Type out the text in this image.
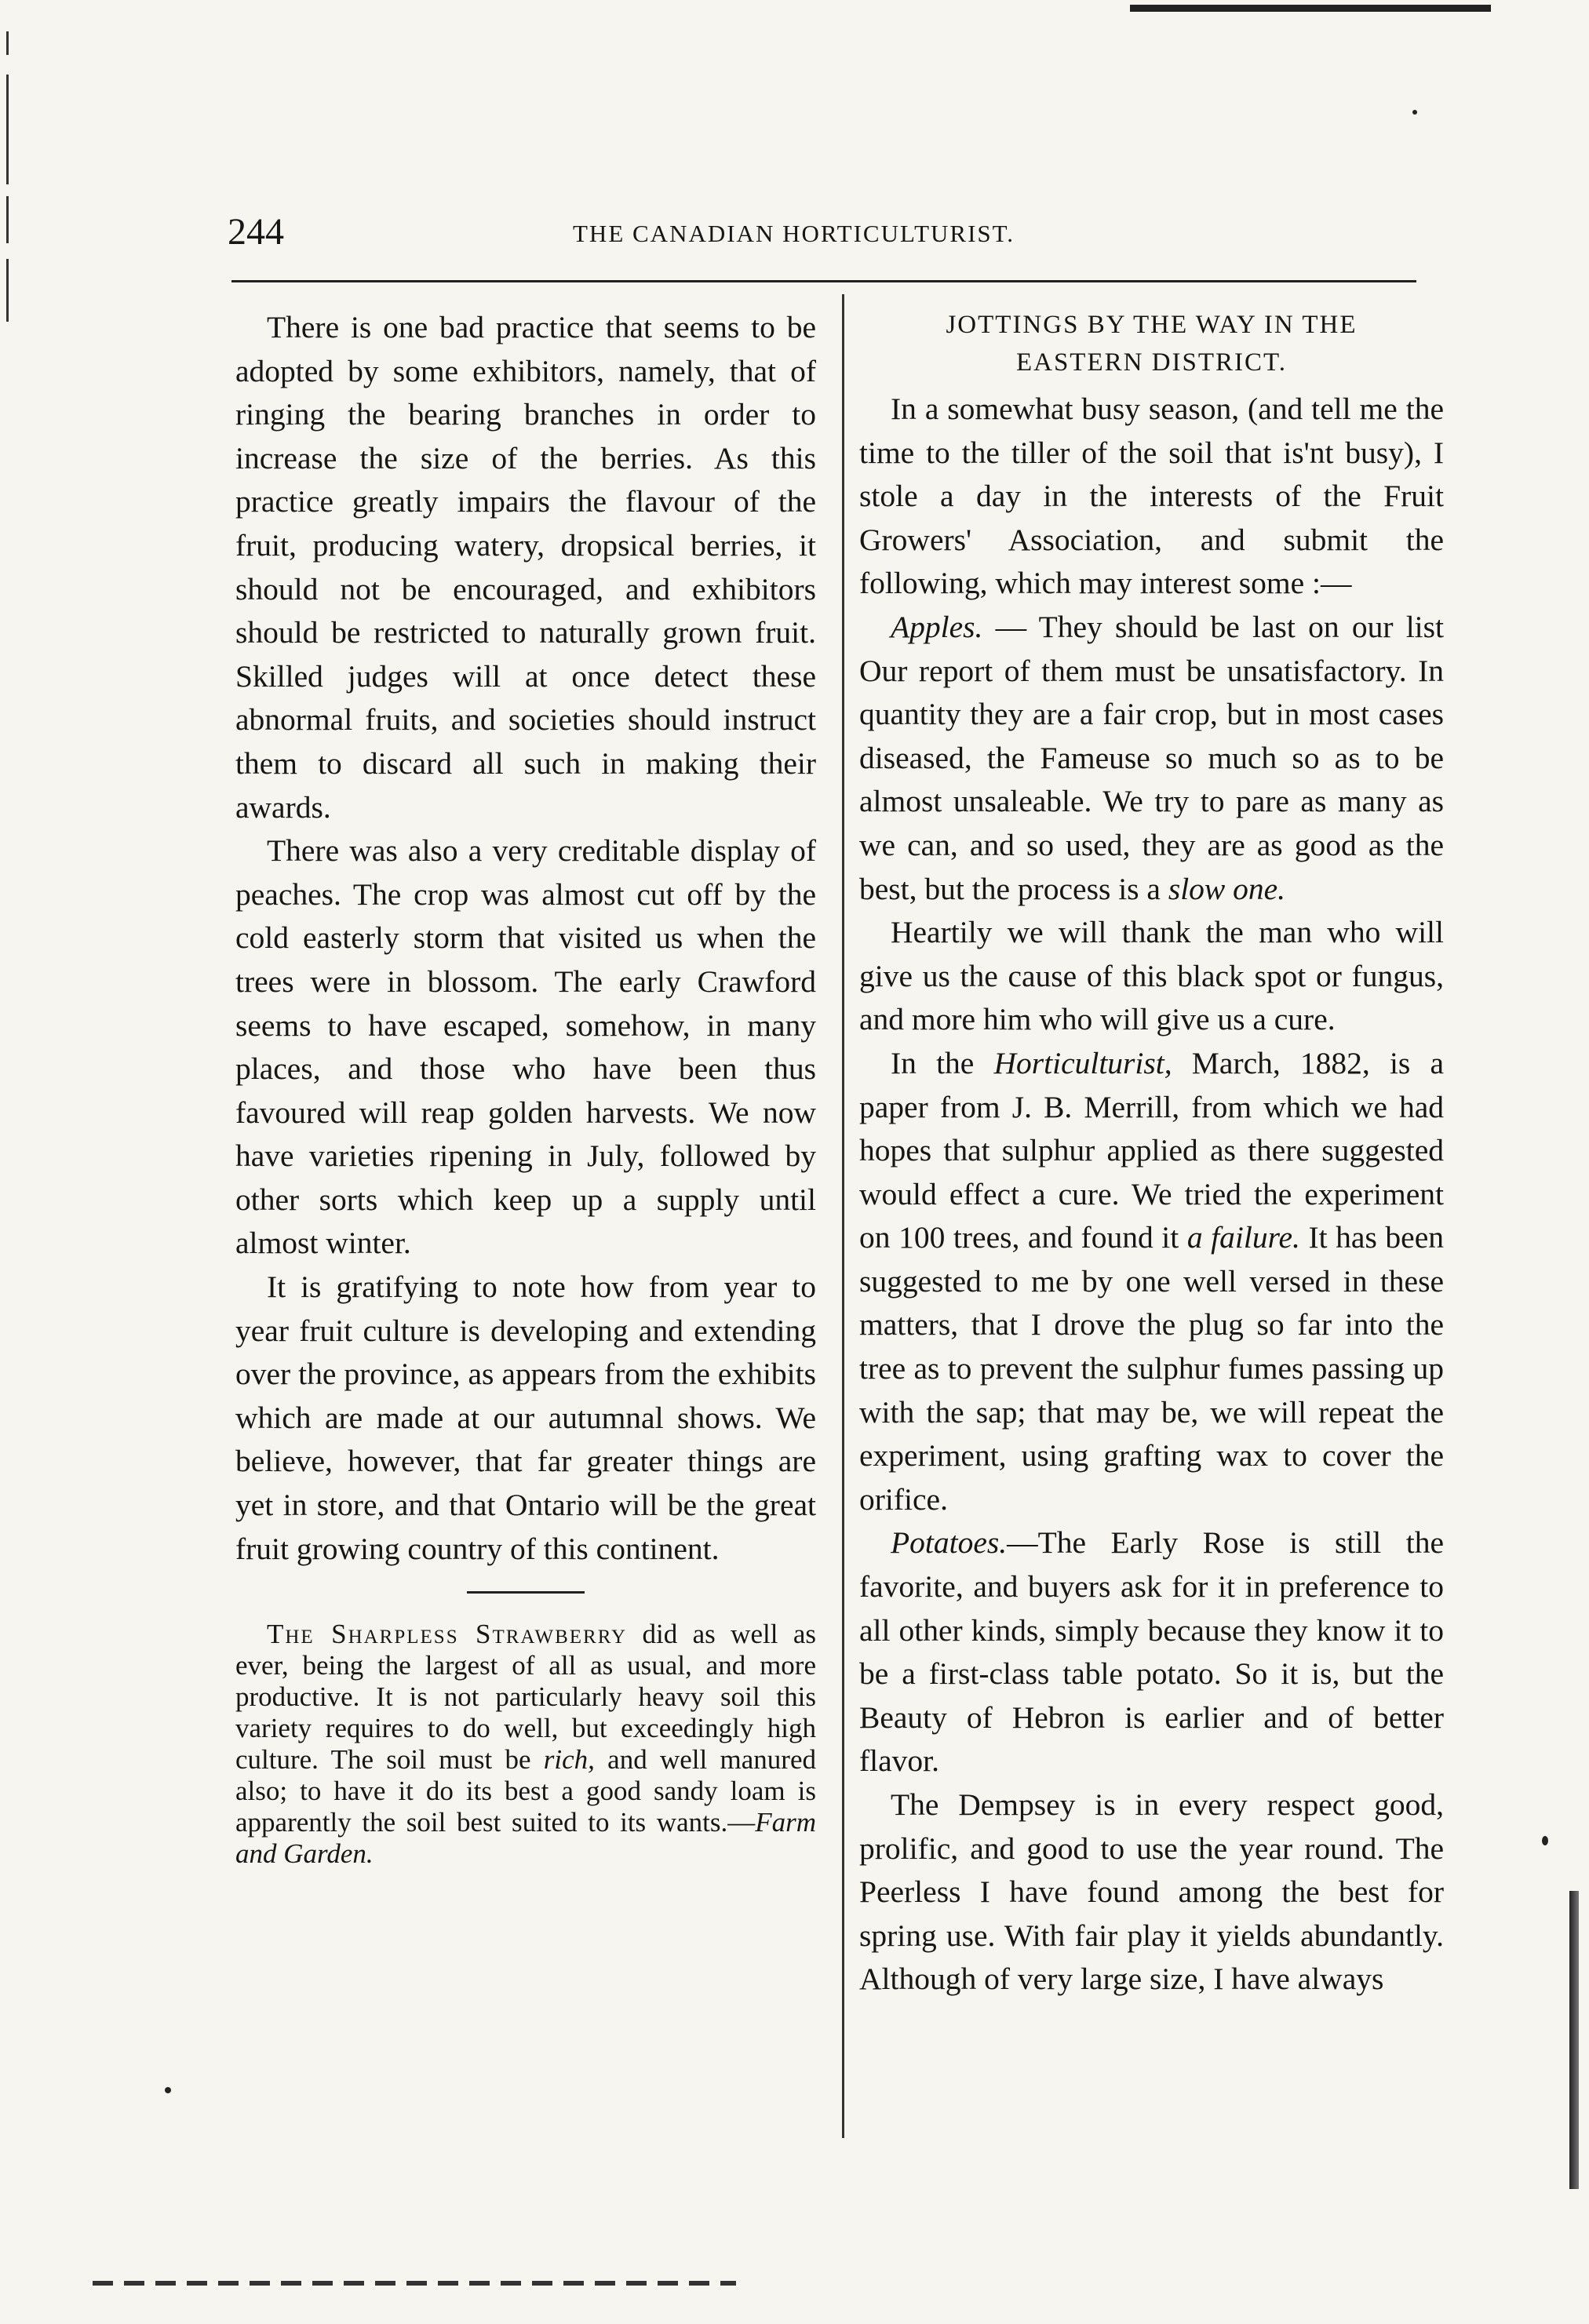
244	THE CANADIAN HORTICULTURIST.

There is one bad practice that seems to be adopted by some exhibitors, namely, that of ringing the bearing branches in order to increase the size of the berries. As this practice greatly impairs the flavour of the fruit, producing watery, dropsical berries, it should not be encouraged, and exhibitors should be restricted to naturally grown fruit. Skilled judges will at once detect these abnormal fruits, and societies should instruct them to discard all such in making their awards.

There was also a very creditable display of peaches. The crop was almost cut off by the cold easterly storm that visited us when the trees were in blossom. The early Crawford seems to have escaped, somehow, in many places, and those who have been thus favoured will reap golden harvests. We now have varieties ripening in July, followed by other sorts which keep up a supply until almost winter.

It is gratifying to note how from year to year fruit culture is developing and extending over the province, as appears from the exhibits which are made at our autumnal shows. We believe, however, that far greater things are yet in store, and that Ontario will be the great fruit growing country of this continent.

The Sharpless Strawberry did as well as ever, being the largest of all as usual, and more productive. It is not particularly heavy soil this variety requires to do well, but exceedingly high culture. The soil must be rich, and well manured also; to have it do its best a good sandy loam is apparently the soil best suited to its wants.—Farm and Garden.

JOTTINGS BY THE WAY IN THE
EASTERN DISTRICT.

In a somewhat busy season, (and tell me the time to the tiller of the soil that is'nt busy), I stole a day in the interests of the Fruit Growers' Association, and submit the following, which may interest some :—

Apples. — They should be last on our list Our report of them must be unsatisfactory. In quantity they are a fair crop, but in most cases diseased, the Fameuse so much so as to be almost unsaleable. We try to pare as many as we can, and so used, they are as good as the best, but the process is a slow one.

Heartily we will thank the man who will give us the cause of this black spot or fungus, and more him who will give us a cure.

In the Horticulturist, March, 1882, is a paper from J. B. Merrill, from which we had hopes that sulphur applied as there suggested would effect a cure. We tried the experiment on 100 trees, and found it a failure. It has been suggested to me by one well versed in these matters, that I drove the plug so far into the tree as to prevent the sulphur fumes passing up with the sap; that may be, we will repeat the experiment, using grafting wax to cover the orifice.

Potatoes.—The Early Rose is still the favorite, and buyers ask for it in preference to all other kinds, simply because they know it to be a first-class table potato. So it is, but the Beauty of Hebron is earlier and of better flavor.

The Dempsey is in every respect good, prolific, and good to use the year round. The Peerless I have found among the best for spring use. With fair play it yields abundantly. Although of very large size, I have always
